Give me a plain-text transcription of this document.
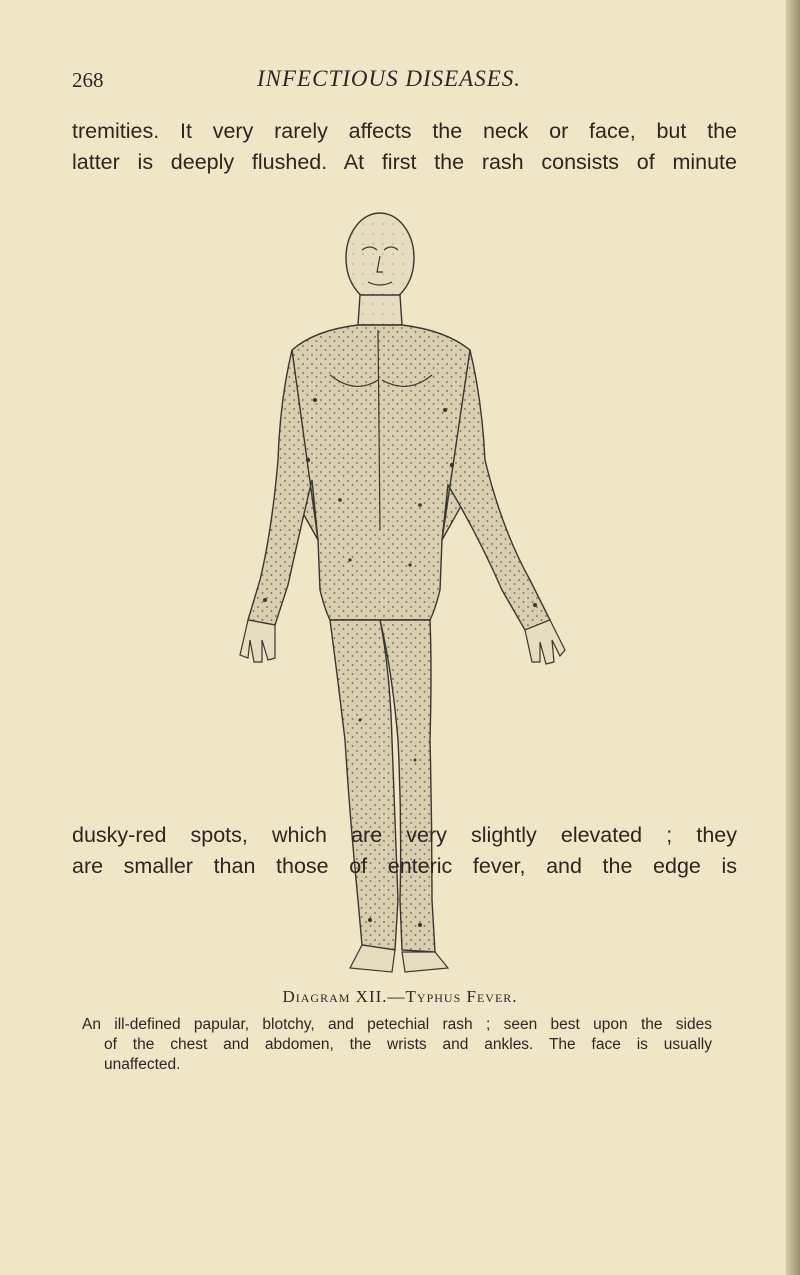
268	INFECTIOUS DISEASES.

tremities. It very rarely affects the neck or face, but the

latter is deeply flushed. At first the rash consists of minute

Diagram XII.—Typhus Fever.
An ill-defined papular, blotchy, and petechial rash ; seen best upon the sides
of the chest and abdomen, the wrists and ankles. The face is usually
unaffected.

dusky-red spots, which are very slightly elevated ; they

are smaller than those of enteric fever, and the edge is
